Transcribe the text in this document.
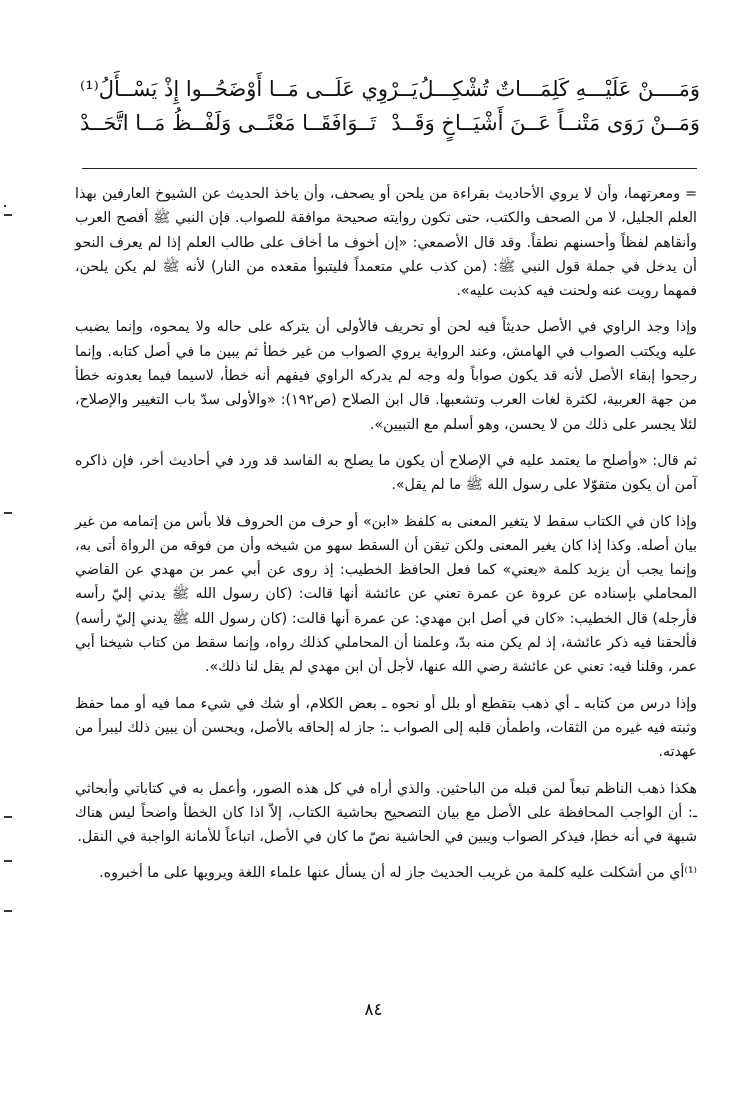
وَمَــــنْ عَلَيْـــهِ كَلِمَـــاتٌ تُشْكِـــلُ
يَــرْوِي عَلَــى مَــا أَوْضَحُــوا إِذْ يَسْــأَلُ⁽¹⁾
وَمَــنْ رَوَى مَتْنــاً عَــنَ أَشْيَــاخٍ وَقَــدْ
تَــوَافَقَــا مَعْنًــى وَلَفْــظُ مَــا اتَّحَــدْ

= ومعرتهما، وأن لا يروي الأحاديث بقراءة من يلحن أو يصحف، وأن ياخذ الحديث عن الشيوخ العارفين بهذا العلم الجليل، لا من الصحف والكتب، حتى تكون روايته صحيحة موافقة للصواب. فإن النبي ﷺ أفصح العرب وأنقاهم لفظاً وأحسنهم نطقاً. وقد قال الأصمعي: «إن أخوف ما أخاف على طالب العلم إذا لم يعرف النحو أن يدخل في جملة قول النبي ﷺ: (من كذب علي متعمداً فليتبوأ مقعده من النار) لأنه ﷺ لم يكن يلحن، فمهما رويت عنه ولحنت فيه كذبت عليه».

وإذا وجد الراوي في الأصل حديثاً فيه لحن أو تحريف فالأولى أن يتركه على حاله ولا يمحوه، وإنما يضبب عليه ويكتب الصواب في الهامش، وعند الرواية يروي الصواب من غير خطأ ثم يبين ما في أصل كتابه. وإنما رجحوا إبقاء الأصل لأنه قد يكون صواباً وله وجه لم يدركه الراوي فيفهم أنه خطأ، لاسيما فيما يعدونه خطأ من جهة العربية، لكثرة لغات العرب وتشعبها. قال ابن الصلاح (ص١٩٢): «والأولى سدّ باب التغيير والإصلاح، لئلا يجسر على ذلك من لا يحسن، وهو أسلم مع التبيين».

ثم قال: «وأصلح ما يعتمد عليه في الإصلاح أن يكون ما يصلح به الفاسد قد ورد في أحاديث أخر، فإن ذاكره آمن أن يكون متقوّلا على رسول الله ﷺ ما لم يقل».

وإذا كان في الكتاب سقط لا يتغير المعنى به كلفظ «ابن» أو حرف من الحروف فلا بأس من إتمامه من غير بيان أصله. وكذا إذا كان يغير المعنى ولكن تيقن أن السقط سهو من شيخه وأن من فوقه من الرواة أتى به، وإنما يجب أن يزيد كلمة «يعني» كما فعل الحافظ الخطيب: إذ روى عن أبي عمر بن مهدي عن القاضي المحاملي بإسناده عن عروة عن عمرة تعني عن عائشة أنها قالت: (كان رسول الله ﷺ يدني إليّ رأسه فأرجله) قال الخطيب: «كان في أصل ابن مهدي: عن عمرة أنها قالت: (كان رسول الله ﷺ يدني إليّ رأسه) فألحقنا فيه ذكر عائشة، إذ لم يكن منه بدّ، وعلمنا أن المحاملي كذلك رواه، وإنما سقط من كتاب شيخنا أبي عمر، وقلنا فيه: تعني عن عائشة رضي الله عنها، لأجل أن ابن مهدي لم يقل لنا ذلك».

وإذا درس من كتابه ـ أي ذهب بتقطع أو بلل أو نحوه ـ بعض الكلام، أو شك في شيء مما فيه أو مما حفظ وثبته فيه غيره من الثقات، واطمأن قلبه إلى الصواب ـ: جاز له إلحاقه بالأصل، ويحسن أن يبين ذلك ليبرأ من عهدته.

هكذا ذهب الناظم تبعاً لمن قبله من الباحثين. والذي أراه في كل هذه الصور، وأعمل به في كتاباتي وأبحاثي ـ: أن الواجب المحافظة على الأصل مع بيان التصحيح بحاشية الكتاب، إلاّ اذا كان الخطأ واضحاً ليس هناك شبهة في أنه خطإ، فيذكر الصواب ويبين في الحاشية نصّ ما كان في الأصل، اتباعاً للأمانة الواجبة في النقل.

⁽¹⁾أي من أشكلت عليه كلمة من غريب الحديث جاز له أن يسأل عنها علماء اللغة ويرويها على ما أخبروه.

٨٤
